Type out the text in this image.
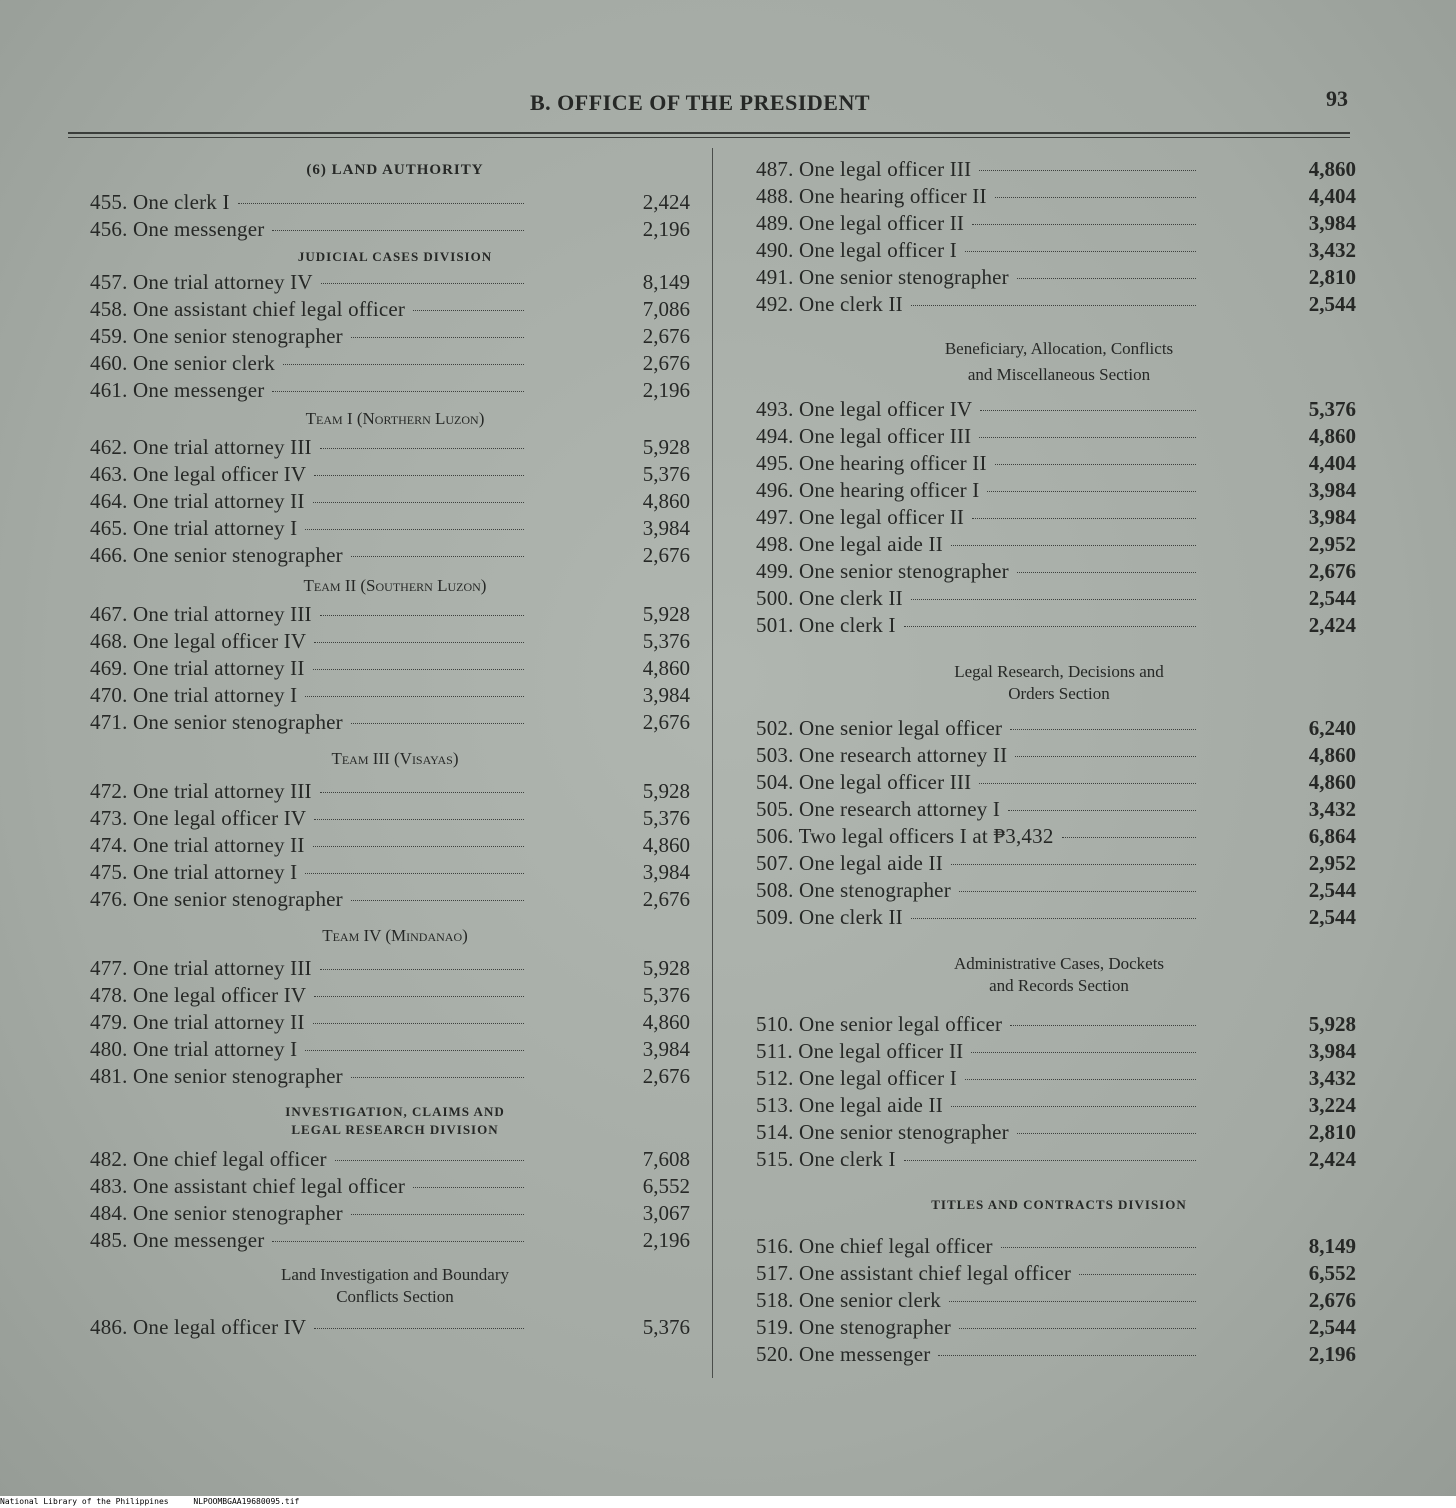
B. OFFICE OF THE PRESIDENT	93
(6) LAND AUTHORITY
455. One clerk I	2,424
456. One messenger	2,196
JUDICIAL CASES DIVISION
457. One trial attorney IV	8,149
458. One assistant chief legal officer	7,086
459. One senior stenographer	2,676
460. One senior clerk	2,676
461. One messenger	2,196
Team I (Northern Luzon)
462. One trial attorney III	5,928
463. One legal officer IV	5,376
464. One trial attorney II	4,860
465. One trial attorney I	3,984
466. One senior stenographer	2,676
Team II (Southern Luzon)
467. One trial attorney III	5,928
468. One legal officer IV	5,376
469. One trial attorney II	4,860
470. One trial attorney I	3,984
471. One senior stenographer	2,676
Team III (Visayas)
472. One trial attorney III	5,928
473. One legal officer IV	5,376
474. One trial attorney II	4,860
475. One trial attorney I	3,984
476. One senior stenographer	2,676
Team IV (Mindanao)
477. One trial attorney III	5,928
478. One legal officer IV	5,376
479. One trial attorney II	4,860
480. One trial attorney I	3,984
481. One senior stenographer	2,676
INVESTIGATION, CLAIMS AND
LEGAL RESEARCH DIVISION
482. One chief legal officer	7,608
483. One assistant chief legal officer	6,552
484. One senior stenographer	3,067
485. One messenger	2,196
Land Investigation and Boundary
Conflicts Section
486. One legal officer IV	5,376
487. One legal officer III	4,860
488. One hearing officer II	4,404
489. One legal officer II	3,984
490. One legal officer I	3,432
491. One senior stenographer	2,810
492. One clerk II	2,544
Beneficiary, Allocation, Conflicts
and Miscellaneous Section
493. One legal officer IV	5,376
494. One legal officer III	4,860
495. One hearing officer II	4,404
496. One hearing officer I	3,984
497. One legal officer II	3,984
498. One legal aide II	2,952
499. One senior stenographer	2,676
500. One clerk II	2,544
501. One clerk I	2,424
Legal Research, Decisions and
Orders Section
502. One senior legal officer	6,240
503. One research attorney II	4,860
504. One legal officer III	4,860
505. One research attorney I	3,432
506. Two legal officers I at ₱3,432	6,864
507. One legal aide II	2,952
508. One stenographer	2,544
509. One clerk II	2,544
Administrative Cases, Dockets
and Records Section
510. One senior legal officer	5,928
511. One legal officer II	3,984
512. One legal officer I	3,432
513. One legal aide II	3,224
514. One senior stenographer	2,810
515. One clerk I	2,424
TITLES AND CONTRACTS DIVISION
516. One chief legal officer	8,149
517. One assistant chief legal officer	6,552
518. One senior clerk	2,676
519. One stenographer	2,544
520. One messenger	2,196
National Library of the Philippines	NLPOOMBGAA19680095.tif
